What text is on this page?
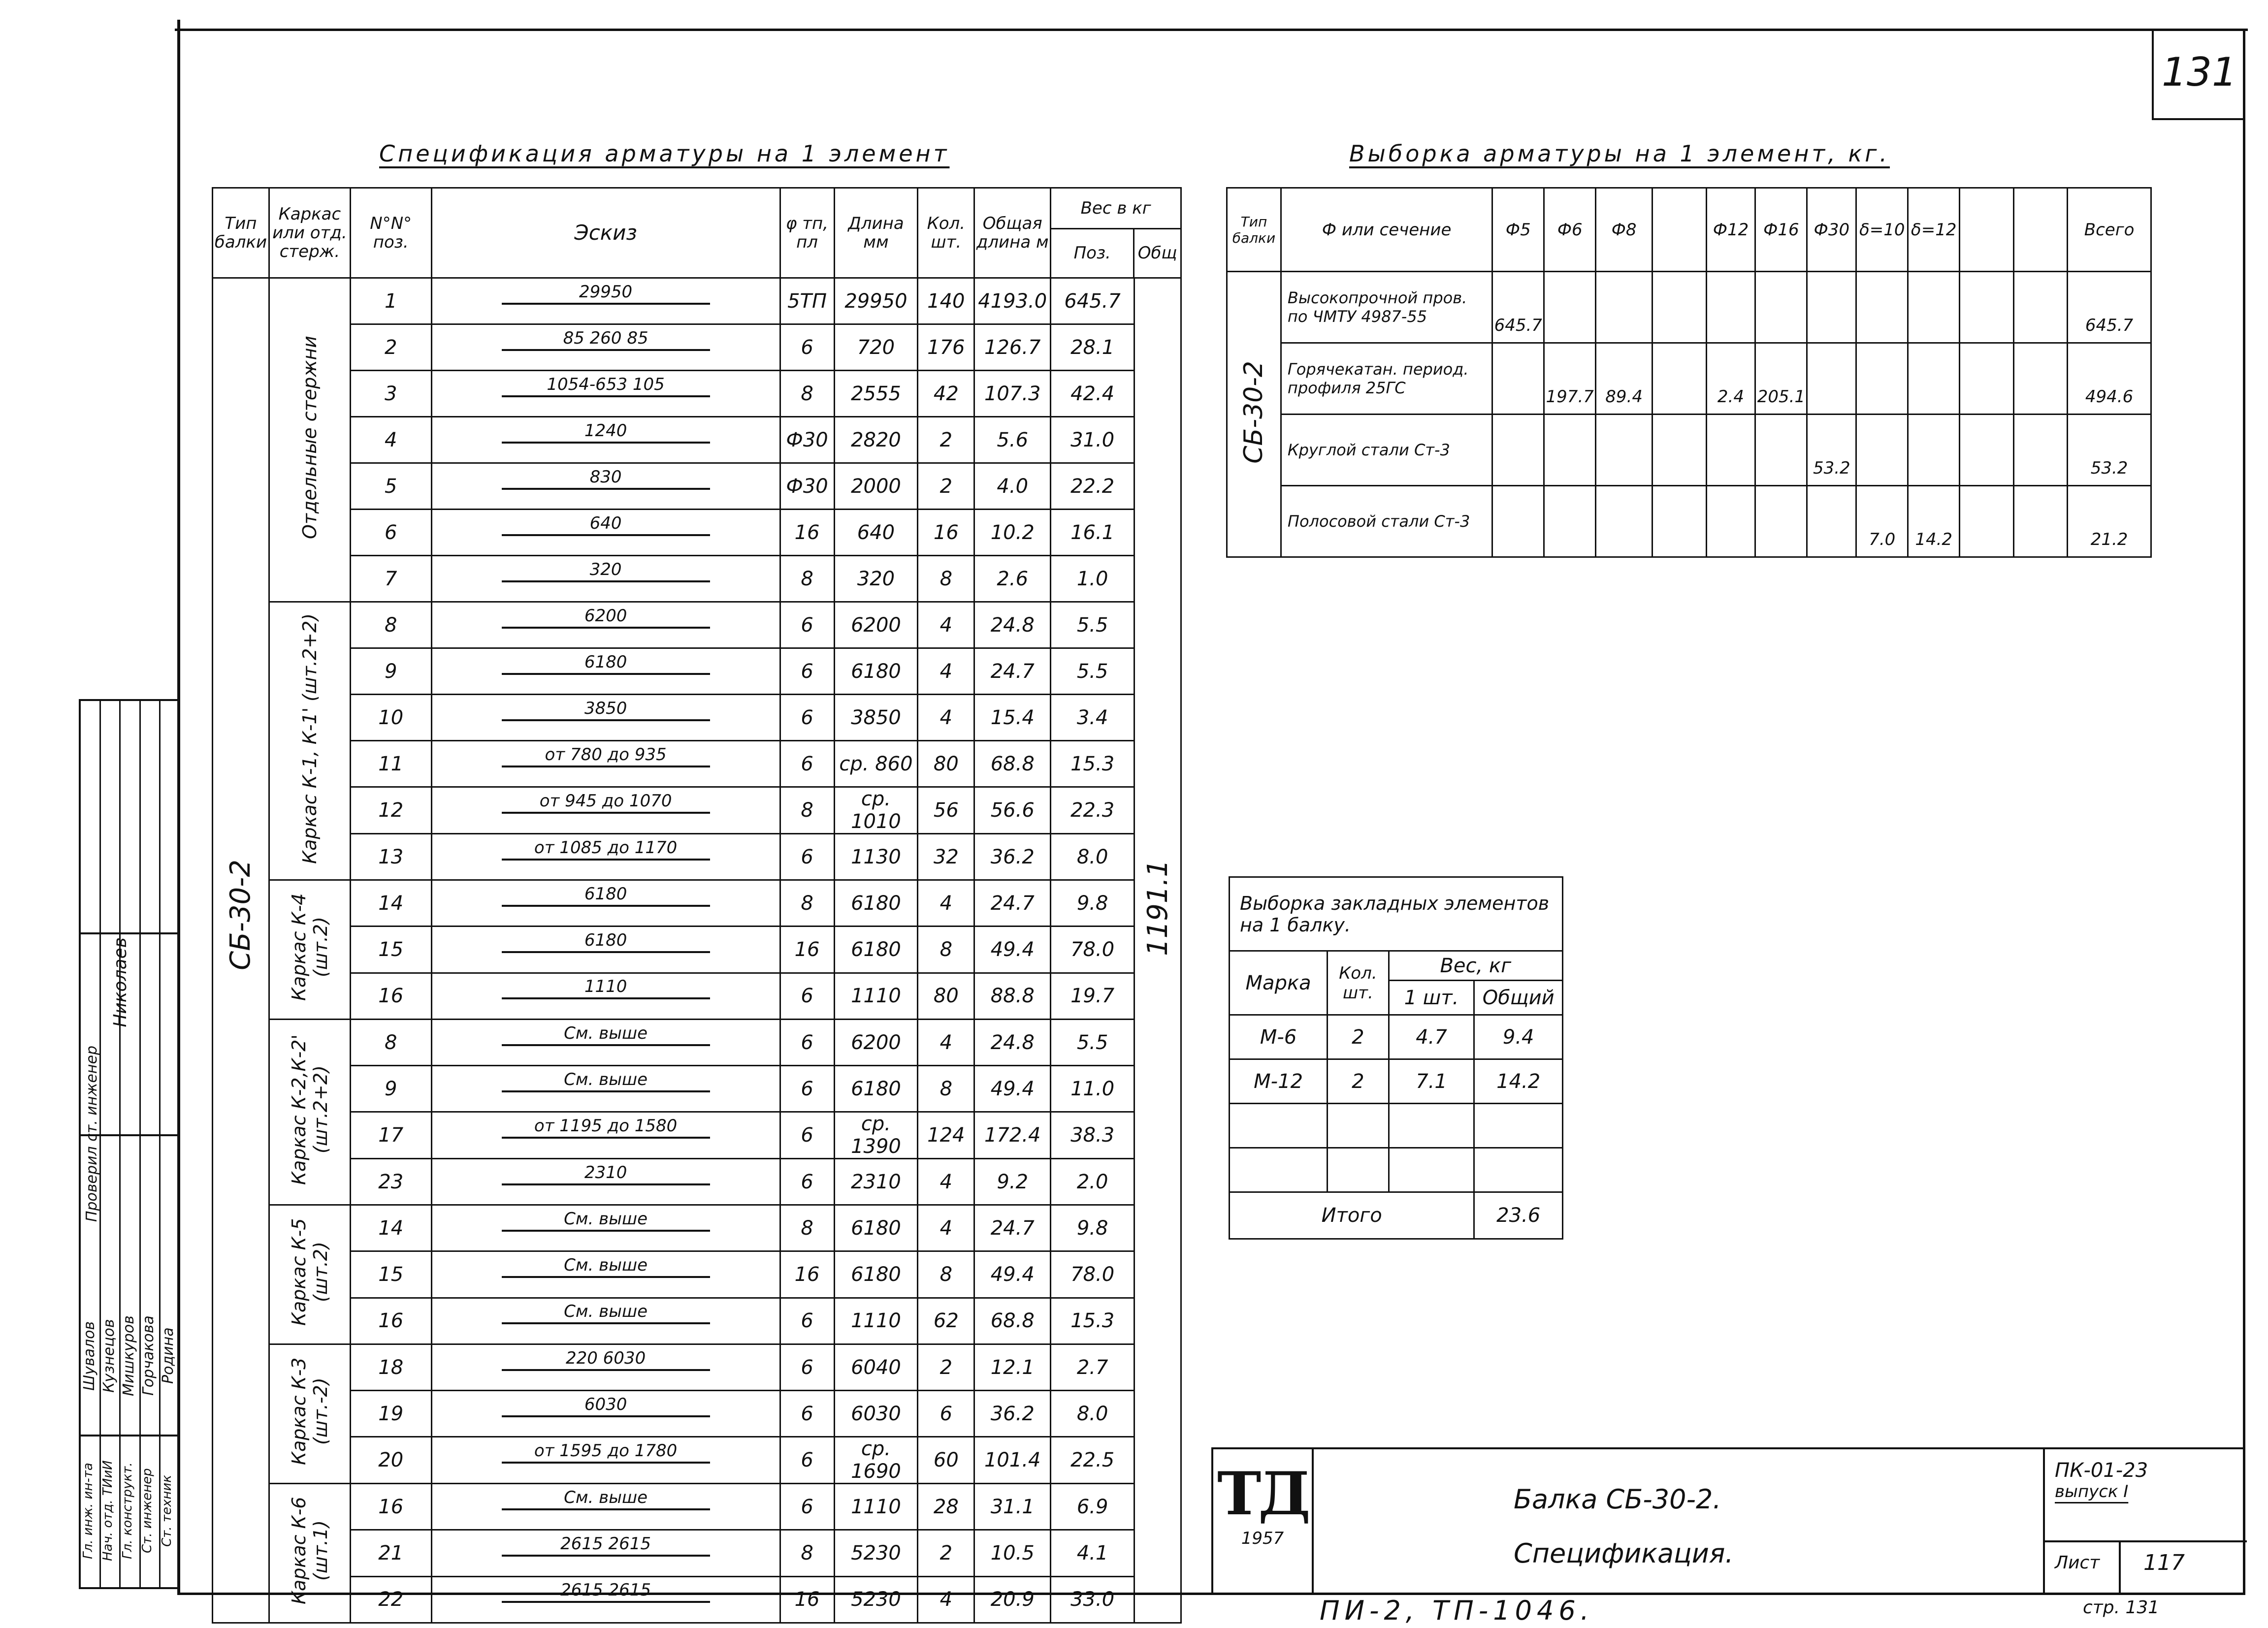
131
Спецификация арматуры на 1 элемент
Тип балки	Каркас или отд. стерж.	N°N° поз.	Эскиз	φ тп, пл	Длина мм	Кол. шт.	Общая длина м	Вес в кг
Поз. Общ	

СБ-30-2	Отдельные стержни	1	29950	5ТП	29950	140	4193.0	645.7	1191.1
		2	85 260 85	6	720	176	126.7	28.1	
		3	1054-653 105	8	2555	42	107.3	42.4	
		4	1240	Ф30	2820	2	5.6	31.0	
		5	830	Ф30	2000	2	4.0	22.2	
		6	640	16	640	16	10.2	16.1	
		7	320	8	320	8	2.6	1.0	
	Каркас К-1, К-1' (шт.2+2)	8	6200	6	6200	4	24.8	5.5	
		9	6180	6	6180	4	24.7	5.5	
		10	3850	6	3850	4	15.4	3.4	
		11	от 780 до 935	6	ср. 860	80	68.8	15.3	
		12	от 945 до 1070	8	ср. 1010	56	56.6	22.3	
		13	от 1085 до 1170	6	1130	32	36.2	8.0	
	Каркас К-4 (шт.2)	14	6180	8	6180	4	24.7	9.8	
		15	6180	16	6180	8	49.4	78.0	
		16	1110	6	1110	80	88.8	19.7	
	Каркас К-2,К-2' (шт.2+2)	8	См. выше	6	6200	4	24.8	5.5	
		9	См. выше	6	6180	8	49.4	11.0	
		17	от 1195 до 1580	6	ср. 1390	124	172.4	38.3	
		23	2310	6	2310	4	9.2	2.0	
	Каркас К-5 (шт.2)	14	См. выше	8	6180	4	24.7	9.8	
		15	См. выше	16	6180	8	49.4	78.0	
		16	См. выше	6	1110	62	68.8	15.3	
	Каркас К-3 (шт.-2)	18	220 6030	6	6040	2	12.1	2.7	
		19	6030	6	6030	6	36.2	8.0	
		20	от 1595 до 1780	6	ср. 1690	60	101.4	22.5	
	Каркас К-6 (шт.1)	16	См. выше	6	1110	28	31.1	6.9	
		21	2615 2615	8	5230	2	10.5	4.1	
		22	2615 2615	16	5230	4	20.9	33.0	
Выборка арматуры на 1 элемент, кг.
Тип балки	Ф или сечение	Ф5	Ф6	Ф8		Ф12	Ф16	Ф30	δ=10	δ=12			Всего
СБ-30-2	Высокопрочной пров. по ЧМТУ 4987-55	645.7											645.7
	Горячекатан. период. профиля 25ГС		197.7	89.4		2.4	205.1						494.6
	Круглой стали Ст-3							53.2					53.2
	Полосовой стали Ст-3								7.0	14.2			21.2
Выборка закладных элементов на 1 балку.			
Марка	Кол. шт.	Вес, кг	
		1 шт.	Общий
М-6	2	4.7	9.4
М-12	2	7.1	14.2

Итого			23.6
Гл. инж. ин-та Нач. отд. ТИиИ Гл. конструкт. Ст. инженер Ст. техник
Шувалов Кузнецов Мишкуров Горчакова Родина
Проверил ст. инженер
Николаев
ТД
1957
Балка СБ-30-2.
Спецификация.
ПК-01-23
выпуск I
Лист 117
ПИ-2, ТП-1046.	стр. 131
